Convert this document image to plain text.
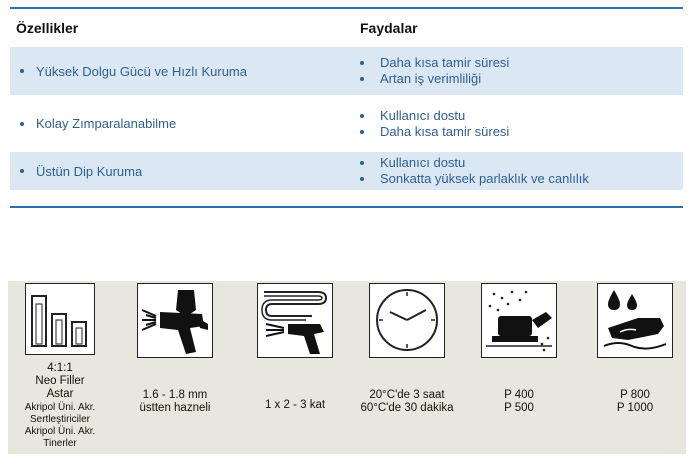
Özellikler	Faydalar
Yüksek Dolgu Gücü ve Hızlı Kuruma
Daha kısa tamir süresi
Artan iş verimliliği
Kolay Zımparalanabilme
Kullanıcı dostu
Daha kısa tamir süresi
Üstün Dip Kuruma
Kullanıcı dostu
Sonkatta yüksek parlaklık ve canlılık
4:1:1
Neo Filler
Astar
Akripol Üni. Akr.
Sertleştiriciler
Akripol Üni. Akr.
Tinerler
1.6 - 1.8 mm
üstten hazneli	1 x 2 - 3 kat
20°C'de 3 saat
60°C'de 30 dakika
P 400
P 500
P 800
P 1000
